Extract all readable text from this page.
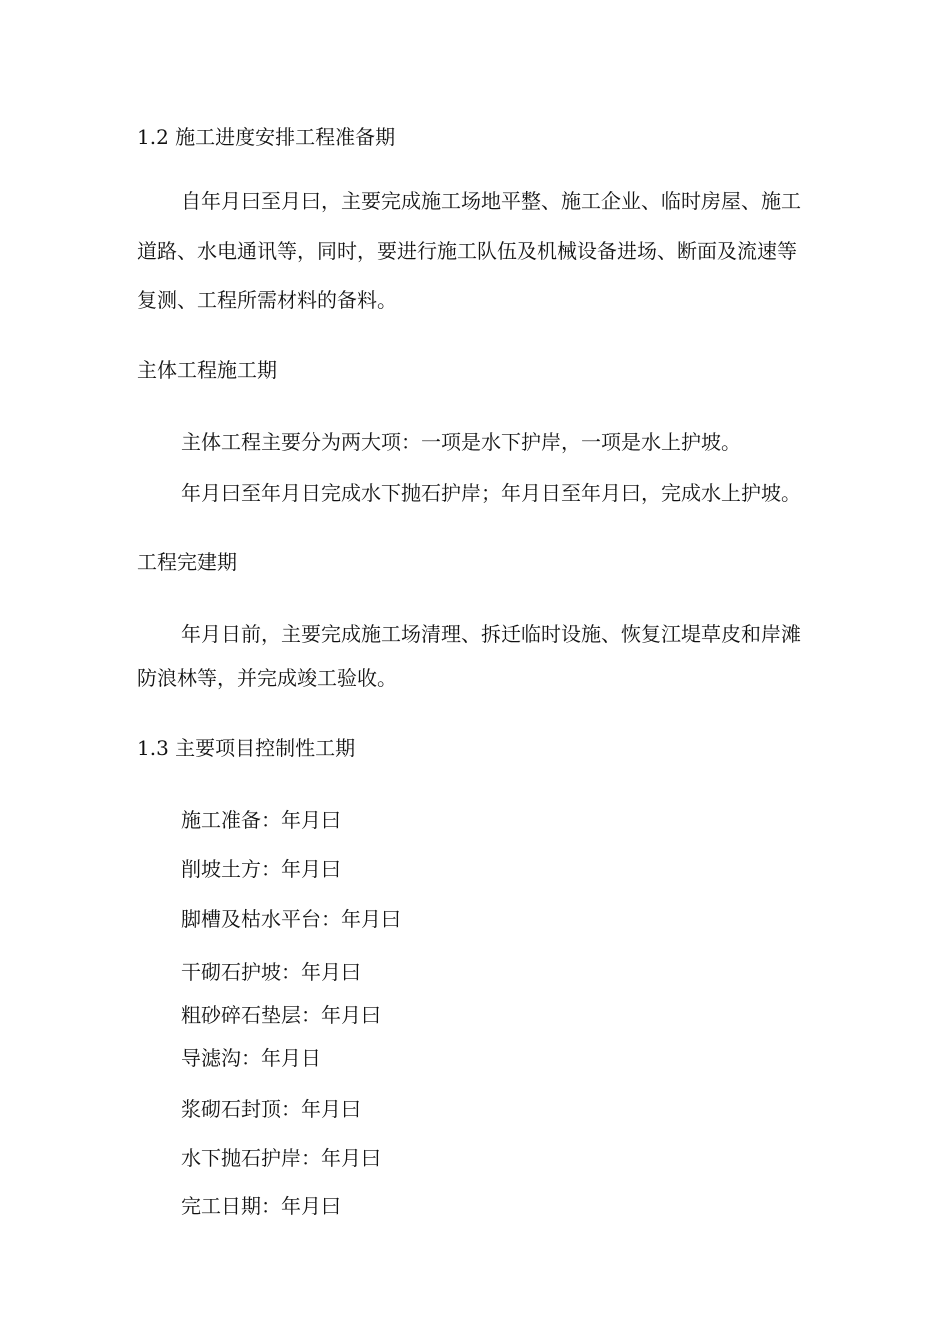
1.2 施工进度安排工程准备期

自年月曰至月曰，主要完成施工场地平整、施工企业、临时房屋、施工

道路、水电通讯等，同时，要进行施工队伍及机械设备进场、断面及流速等

复测、工程所需材料的备料。

主体工程施工期

主体工程主要分为两大项：一项是水下护岸，一项是水上护坡。

年月曰至年月日完成水下抛石护岸；年月日至年月曰，完成水上护坡。

工程完建期

年月日前，主要完成施工场清理、拆迁临时设施、恢复江堤草皮和岸滩

防浪林等，并完成竣工验收。

1.3 主要项目控制性工期

施工准备：年月曰

削坡土方：年月曰

脚槽及枯水平台：年月曰

干砌石护坡：年月曰

粗砂碎石垫层：年月曰

导滤沟：年月日

浆砌石封顶：年月曰

水下抛石护岸：年月曰

完工日期：年月曰
